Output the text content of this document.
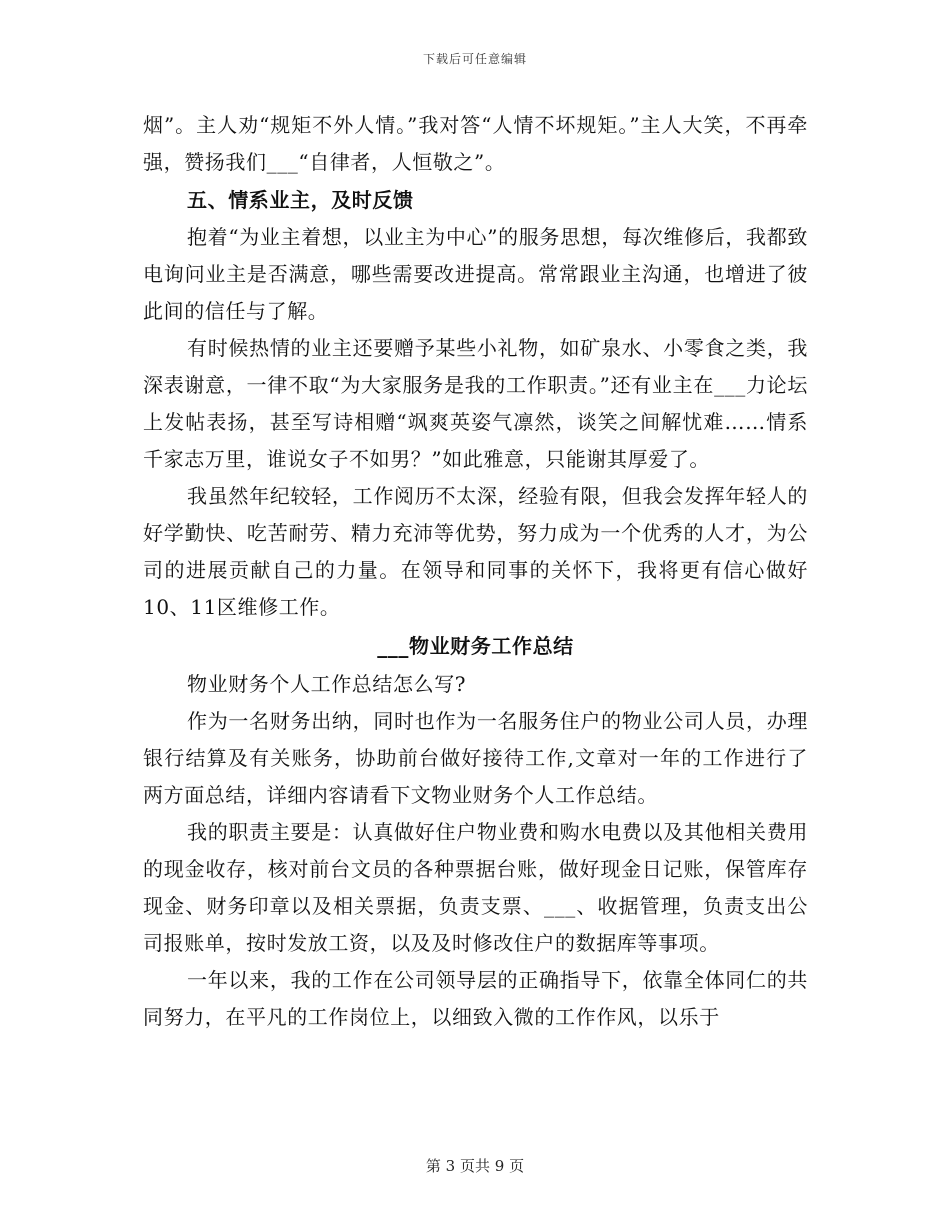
下载后可任意编辑

烟”。主人劝“规矩不外人情。”我对答“人情不坏规矩。”主人大笑，不再牵强，赞扬我们___“自律者，人恒敬之”。

五、情系业主，及时反馈

抱着“为业主着想，以业主为中心”的服务思想，每次维修后，我都致电询问业主是否满意，哪些需要改进提高。常常跟业主沟通，也增进了彼此间的信任与了解。

有时候热情的业主还要赠予某些小礼物，如矿泉水、小零食之类，我深表谢意，一律不取“为大家服务是我的工作职责。”还有业主在___力论坛上发帖表扬，甚至写诗相赠“飒爽英姿气凛然，谈笑之间解忧难……情系千家志万里，谁说女子不如男？”如此雅意，只能谢其厚爱了。

我虽然年纪较轻，工作阅历不太深，经验有限，但我会发挥年轻人的好学勤快、吃苦耐劳、精力充沛等优势，努力成为一个优秀的人才，为公司的进展贡献自己的力量。在领导和同事的关怀下，我将更有信心做好10、11区维修工作。

___物业财务工作总结

物业财务个人工作总结怎么写?

作为一名财务出纳，同时也作为一名服务住户的物业公司人员，办理银行结算及有关账务，协助前台做好接待工作,文章对一年的工作进行了两方面总结，详细内容请看下文物业财务个人工作总结。

我的职责主要是：认真做好住户物业费和购水电费以及其他相关费用的现金收存，核对前台文员的各种票据台账，做好现金日记账，保管库存现金、财务印章以及相关票据，负责支票、___、收据管理，负责支出公司报账单，按时发放工资，以及及时修改住户的数据库等事项。

一年以来，我的工作在公司领导层的正确指导下，依靠全体同仁的共同努力，在平凡的工作岗位上，以细致入微的工作作风，以乐于

第 3 页共 9 页
